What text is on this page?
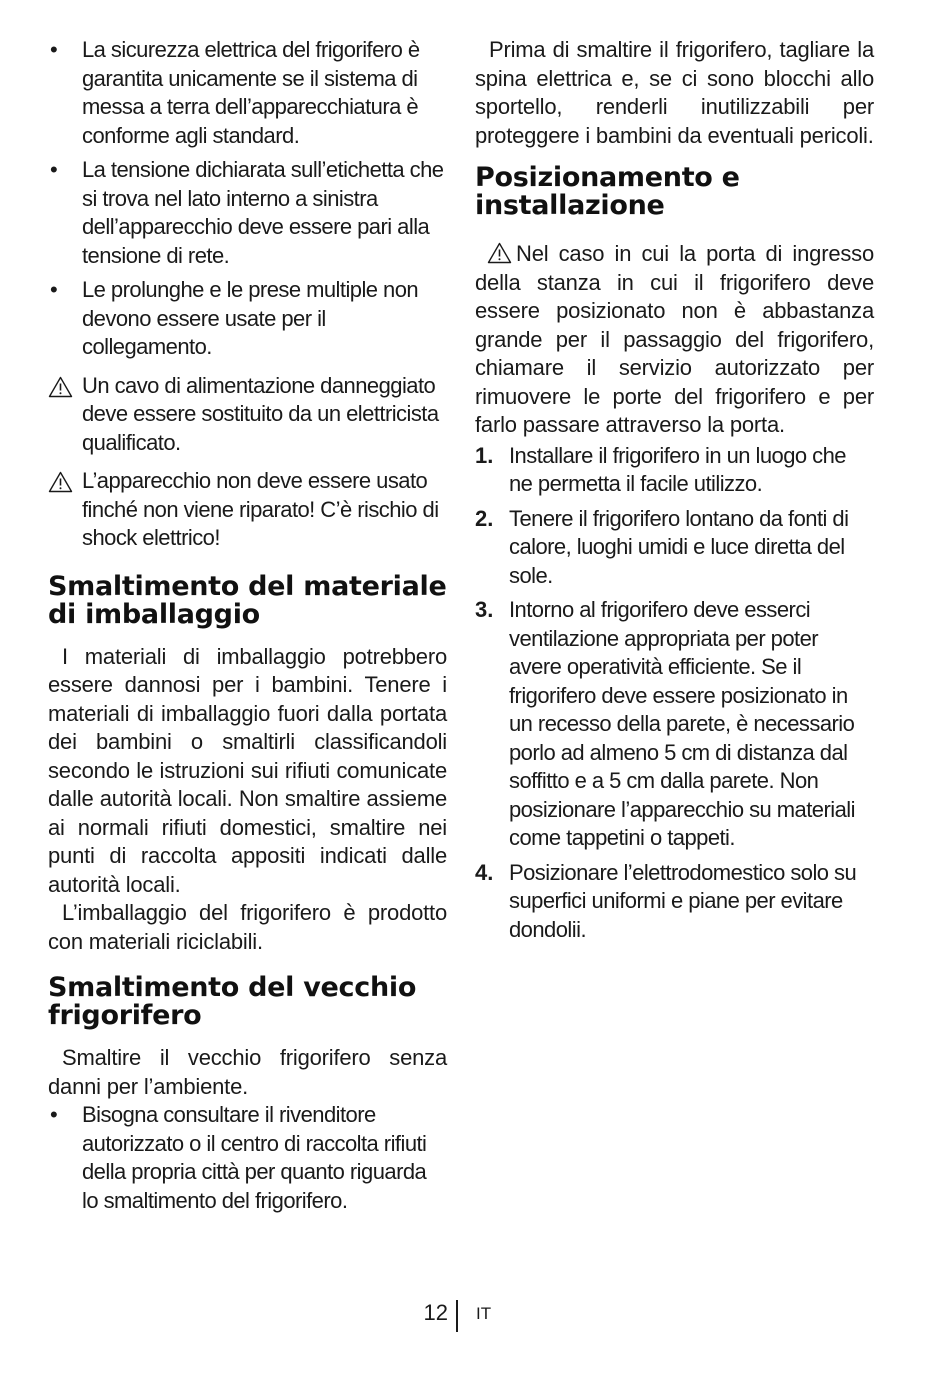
• La sicurezza elettrica del frigorifero è garantita unicamente se il sistema di messa a terra dell’apparecchiatura è conforme agli standard.
• La tensione dichiarata sull’etichetta che si trova nel lato interno a sinistra dell’apparecchio deve essere pari alla tensione di rete.
• Le prolunghe e le prese multiple non devono essere usate per il collegamento.
Un cavo di alimentazione danneggiato deve essere sostituito da un elettricista qualificato.
L’apparecchio non deve essere usato finché non viene riparato! C’è rischio di shock elettrico!
Smaltimento del materiale di imballaggio

I materiali di imballaggio potrebbero essere dannosi per i bambini. Tenere i materiali di imballaggio fuori dalla portata dei bambini o smaltirli classificandoli secondo le istruzioni sui rifiuti comunicate dalle autorità locali. Non smaltire assieme ai normali rifiuti domestici, smaltire nei punti di raccolta appositi indicati dalle autorità locali.

L’imballaggio del frigorifero è prodotto con materiali riciclabili.

Smaltimento del vecchio frigorifero

Smaltire il vecchio frigorifero senza danni per l’ambiente.

• Bisogna consultare il rivenditore autorizzato o il centro di raccolta rifiuti della propria città per quanto riguarda lo smaltimento del frigorifero.

Prima di smaltire il frigorifero, tagliare la spina elettrica e, se ci sono blocchi allo sportello, renderli inutilizzabili per proteggere i bambini da eventuali pericoli.

Posizionamento e installazione

Nel caso in cui la porta di ingresso della stanza in cui il frigorifero deve essere posizionato non è abbastanza grande per il passaggio del frigorifero, chiamare il servizio autorizzato per rimuovere le porte del frigorifero e per farlo passare attraverso la porta.

1. Installare il frigorifero in un luogo che ne permetta il facile utilizzo.
2. Tenere il frigorifero lontano da fonti di calore, luoghi umidi e luce diretta del sole.
3. Intorno al frigorifero deve esserci ventilazione appropriata per poter avere operatività efficiente. Se il frigorifero deve essere posizionato in un recesso della parete, è necessario porlo ad almeno 5 cm di distanza dal soffitto e a 5 cm dalla parete. Non posizionare l’apparecchio su materiali come tappetini o tappeti.
4. Posizionare l’elettrodomestico solo su superfici uniformi e piane per evitare dondolii.
12 IT
